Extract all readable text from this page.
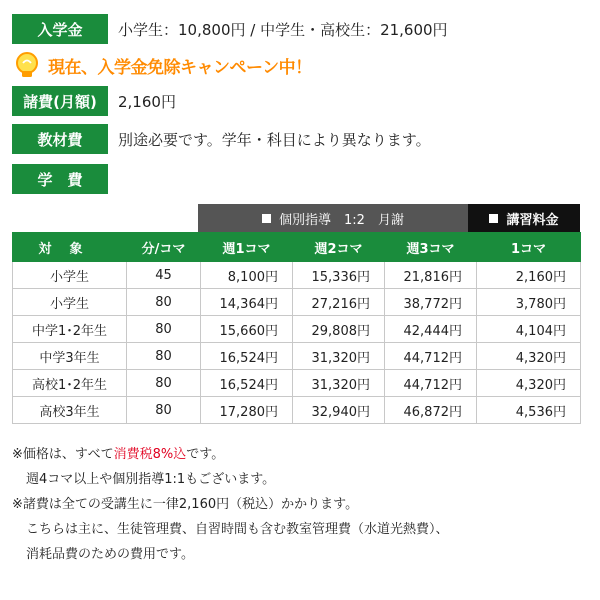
入学金	小学生：10,800円 / 中学生・高校生：21,600円
現在、入学金免除キャンペーン中！
諸費(月額)	2,160円
教材費	別途必要です。学年・科目により異なります。
学　費
個別指導　1:2　月謝	講習料金
対象	分/コマ	週1コマ	週2コマ	週3コマ	1コマ
小学生	45	8,100円	15,336円	21,816円	2,160円
小学生	80	14,364円	27,216円	38,772円	3,780円
中学1･2年生	80	15,660円	29,808円	42,444円	4,104円
中学3年生	80	16,524円	31,320円	44,712円	4,320円
高校1･2年生	80	16,524円	31,320円	44,712円	4,320円
高校3年生	80	17,280円	32,940円	46,872円	4,536円
※価格は、すべて消費税8%込です。
週4コマ以上や個別指導1:1もございます。
※諸費は全ての受講生に一律2,160円（税込）かかります。
こちらは主に、生徒管理費、自習時間も含む教室管理費（水道光熱費）、
消耗品費のための費用です。
